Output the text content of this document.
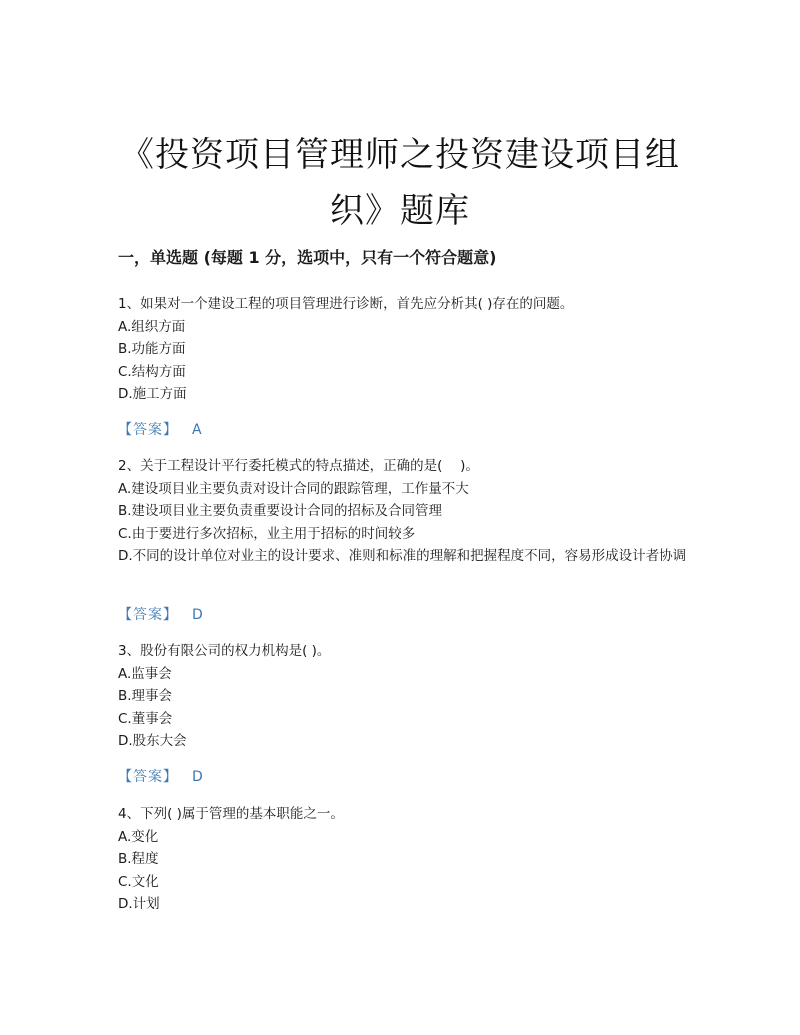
《投资项目管理师之投资建设项目组
织》题库
一，单选题 (每题 1 分，选项中，只有一个符合题意)
1、如果对一个建设工程的项目管理进行诊断，首先应分析其( )存在的问题。
A.组织方面
B.功能方面
C.结构方面
D.施工方面
【答案】 A
2、关于工程设计平行委托模式的特点描述，正确的是(　 )。
A.建设项目业主要负责对设计合同的跟踪管理，工作量不大
B.建设项目业主要负责重要设计合同的招标及合同管理
C.由于要进行多次招标，业主用于招标的时间较多
D.不同的设计单位对业主的设计要求、准则和标准的理解和把握程度不同，容易形成设计者协调
【答案】 D
3、股份有限公司的权力机构是( )。
A.监事会
B.理事会
C.董事会
D.股东大会
【答案】 D
4、下列( )属于管理的基本职能之一。
A.变化
B.程度
C.文化
D.计划
